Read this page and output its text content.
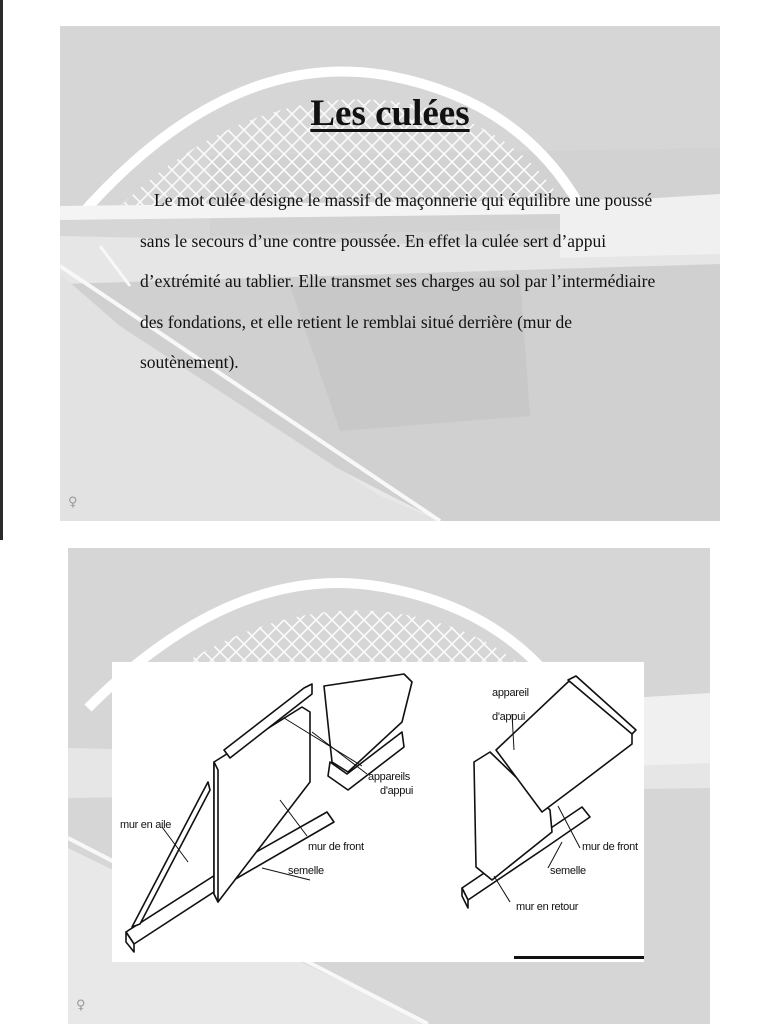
Les culées

Le mot culée désigne le massif de maçonnerie qui équilibre une poussé sans le secours d’une contre poussée. En effet la culée sert d’appui d’extrémité au tablier. Elle transmet ses charges au sol par l’intermédiaire des fondations, et elle retient le remblai situé derrière (mur de soutènement).

♀
mur en aile
appareils
d'appui
mur de front
semelle
appareil
d'appui
mur de front
semelle
mur en retour
♀
